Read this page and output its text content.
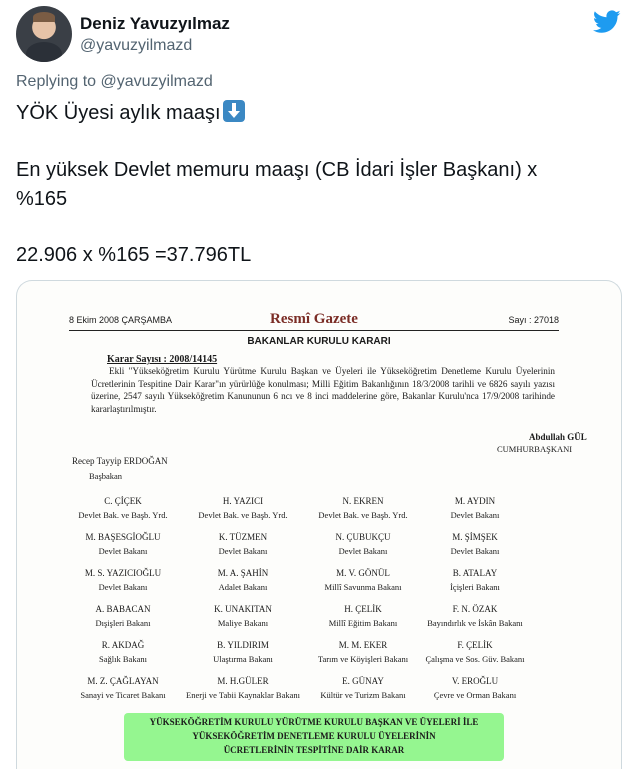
Deniz Yavuzyılmaz
@yavuzyilmazd
Replying to @yavuzyilmazd
YÖK Üyesi aylık maaşı
En yüksek Devlet memuru maaşı (CB İdari İşler Başkanı) x
%165
22.906 x %165 =37.796TL
8 Ekim 2008 ÇARŞAMBA	Resmî Gazete	Sayı : 27018
BAKANLAR KURULU KARARI
Karar Sayısı : 2008/14145
Ekli "Yükseköğretim Kurulu Yürütme Kurulu Başkan ve Üyeleri ile Yükseköğretim Denetleme Kurulu Üyelerinin Ücretlerinin Tespitine Dair Karar"ın yürürlüğe konulması; Milli Eğitim Bakanlığının 18/3/2008 tarihli ve 6826 sayılı yazısı üzerine, 2547 sayılı Yükseköğretim Kanununun 6 ncı ve 8 inci maddelerine göre, Bakanlar Kurulu'nca 17/9/2008 tarihinde kararlaştırılmıştır.
Abdullah GÜL
CUMHURBAŞKANI
Recep Tayyip ERDOĞAN
Başbakan
C. ÇİÇEK
Devlet Bak. ve Başb. Yrd.
H. YAZICI
Devlet Bak. ve Başb. Yrd.
N. EKREN
Devlet Bak. ve Başb. Yrd.
M. AYDIN
Devlet Bakanı
M. BAŞESGİOĞLU
Devlet Bakanı
K. TÜZMEN
Devlet Bakanı
N. ÇUBUKÇU
Devlet Bakanı
M. ŞİMŞEK
Devlet Bakanı
M. S. YAZICIOĞLU
Devlet Bakanı
M. A. ŞAHİN
Adalet Bakanı
M. V. GÖNÜL
Millî Savunma Bakanı
B. ATALAY
İçişleri Bakanı
A. BABACAN
Dışişleri Bakanı
K. UNAKITAN
Maliye Bakanı
H. ÇELİK
Millî Eğitim Bakanı
F. N. ÖZAK
Bayındırlık ve İskân Bakanı
R. AKDAĞ
Sağlık Bakanı
B. YILDIRIM
Ulaştırma Bakanı
M. M. EKER
Tarım ve Köyişleri Bakanı
F. ÇELİK
Çalışma ve Sos. Güv. Bakanı
M. Z. ÇAĞLAYAN
Sanayi ve Ticaret Bakanı
M. H.GÜLER
Enerji ve Tabii Kaynaklar Bakanı
E. GÜNAY
Kültür ve Turizm Bakanı
V. EROĞLU
Çevre ve Orman Bakanı
YÜKSEKÖĞRETİM KURULU YÜRÜTME KURULU BAŞKAN VE ÜYELERİ İLE
YÜKSEKÖĞRETİM DENETLEME KURULU ÜYELERİNİN
ÜCRETLERİNİN TESPİTİNE DAİR KARAR
